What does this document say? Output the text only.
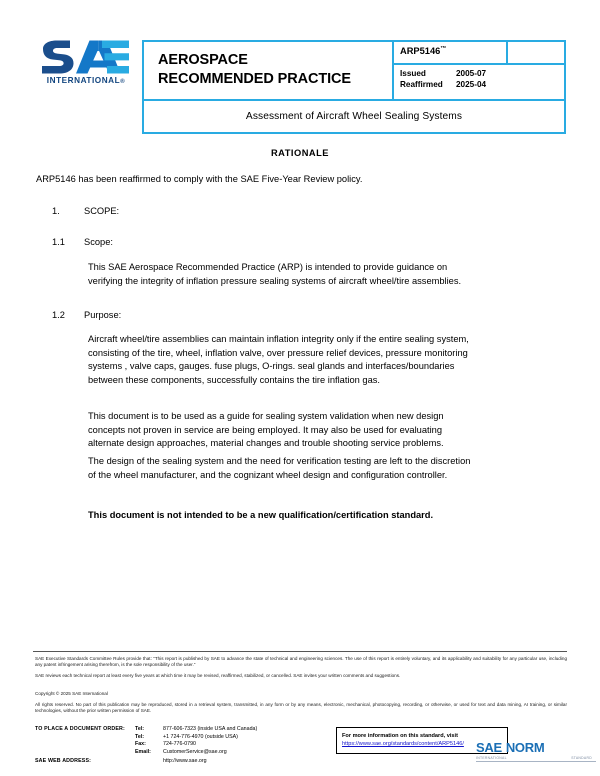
INTERNATIONAL®
AEROSPACE
RECOMMENDED PRACTICE
ARP5146™
Issued	2005-07
Reaffirmed	2025-04
Assessment of Aircraft Wheel Sealing Systems
RATIONALE
ARP5146 has been reaffirmed to comply with the SAE Five-Year Review policy.
1.	SCOPE:
1.1 Scope:
This SAE Aerospace Recommended Practice (ARP) is intended to provide guidance on verifying the integrity of inflation pressure sealing systems of aircraft wheel/tire assemblies.
1.2 Purpose:
Aircraft wheel/tire assemblies can maintain inflation integrity only if the entire sealing system, consisting of the tire, wheel, inflation valve, over pressure relief devices, pressure monitoring systems , valve caps, gauges. fuse plugs, O-rings. seal glands and interfaces/boundaries between these components, successfully contains the tire inflation gas.
This document is to be used as a guide for sealing system validation when new design concepts not proven in service are being employed. It may also be used for evaluating alternate design approaches, material changes and trouble shooting service problems.
The design of the sealing system and the need for verification testing are left to the discretion of the wheel manufacturer, and the cognizant wheel design and configuration controller.
This document is not intended to be a new qualification/certification standard.
SAE Executive Standards Committee Rules provide that: “This report is published by SAE to advance the state of technical and engineering sciences. The use of this report is entirely voluntary, and its applicability and suitability for any particular use, including any patent infringement arising therefrom, is the sole responsibility of the user.”
SAE reviews each technical report at least every five years at which time it may be revised, reaffirmed, stabilized, or cancelled. SAE invites your written comments and suggestions.
Copyright © 2025 SAE International
All rights reserved. No part of this publication may be reproduced, stored in a retrieval system, transmitted, in any form or by any means, electronic, mechanical, photocopying, recording, or otherwise, or used for text and data mining, AI training, or similar technologies, without the prior written permission of SAE.
TO PLACE A DOCUMENT ORDER:	Tel:	877-606-7323 (inside USA and Canada)
Tel:	+1 724-776-4970 (outside USA)
Fax:	724-776-0790
Email:	CustomerService@sae.org
SAE WEB ADDRESS:	http://www.sae.org
For more information on this standard, visit
https://www.sae.org/standards/content/ARP5146/ SAE NORM
INTERNATIONAL	STANDARD
